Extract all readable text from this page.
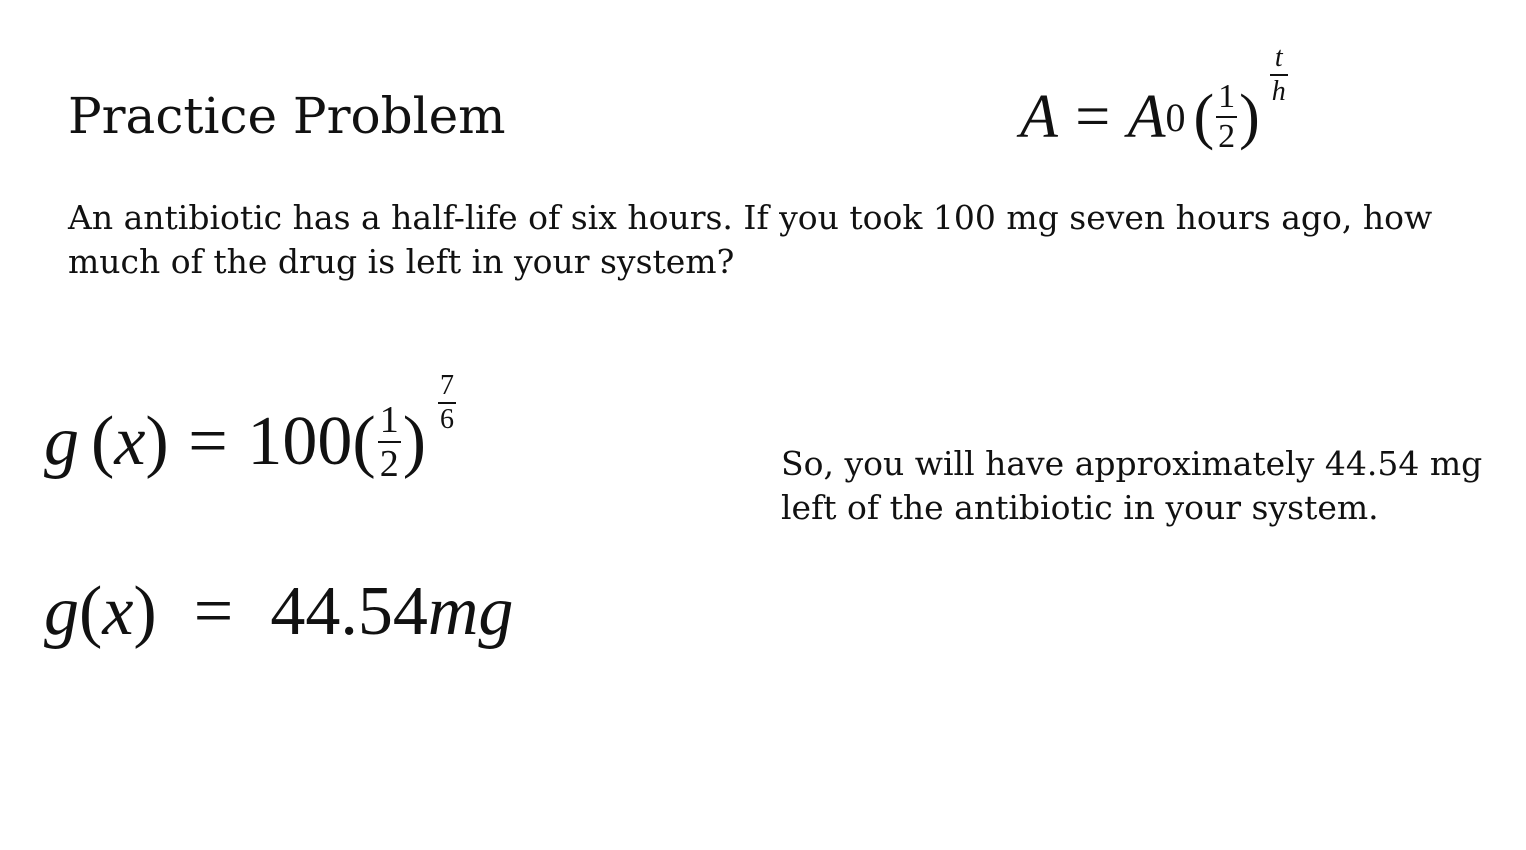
Practice Problem	A = A 0 ( $\frac{1}{2}$ )
$\frac{t}{h}$

An antibiotic has a half-life of six hours. If you took 100 mg seven hours ago, how much of the drug is left in your system?

g ( x ) = 100 ( $\frac{1}{2}$ ) $\frac{7}{6}$
g(x) = 44.54mg

So, you will have approximately 44.54 mg left of the antibiotic in your system.
